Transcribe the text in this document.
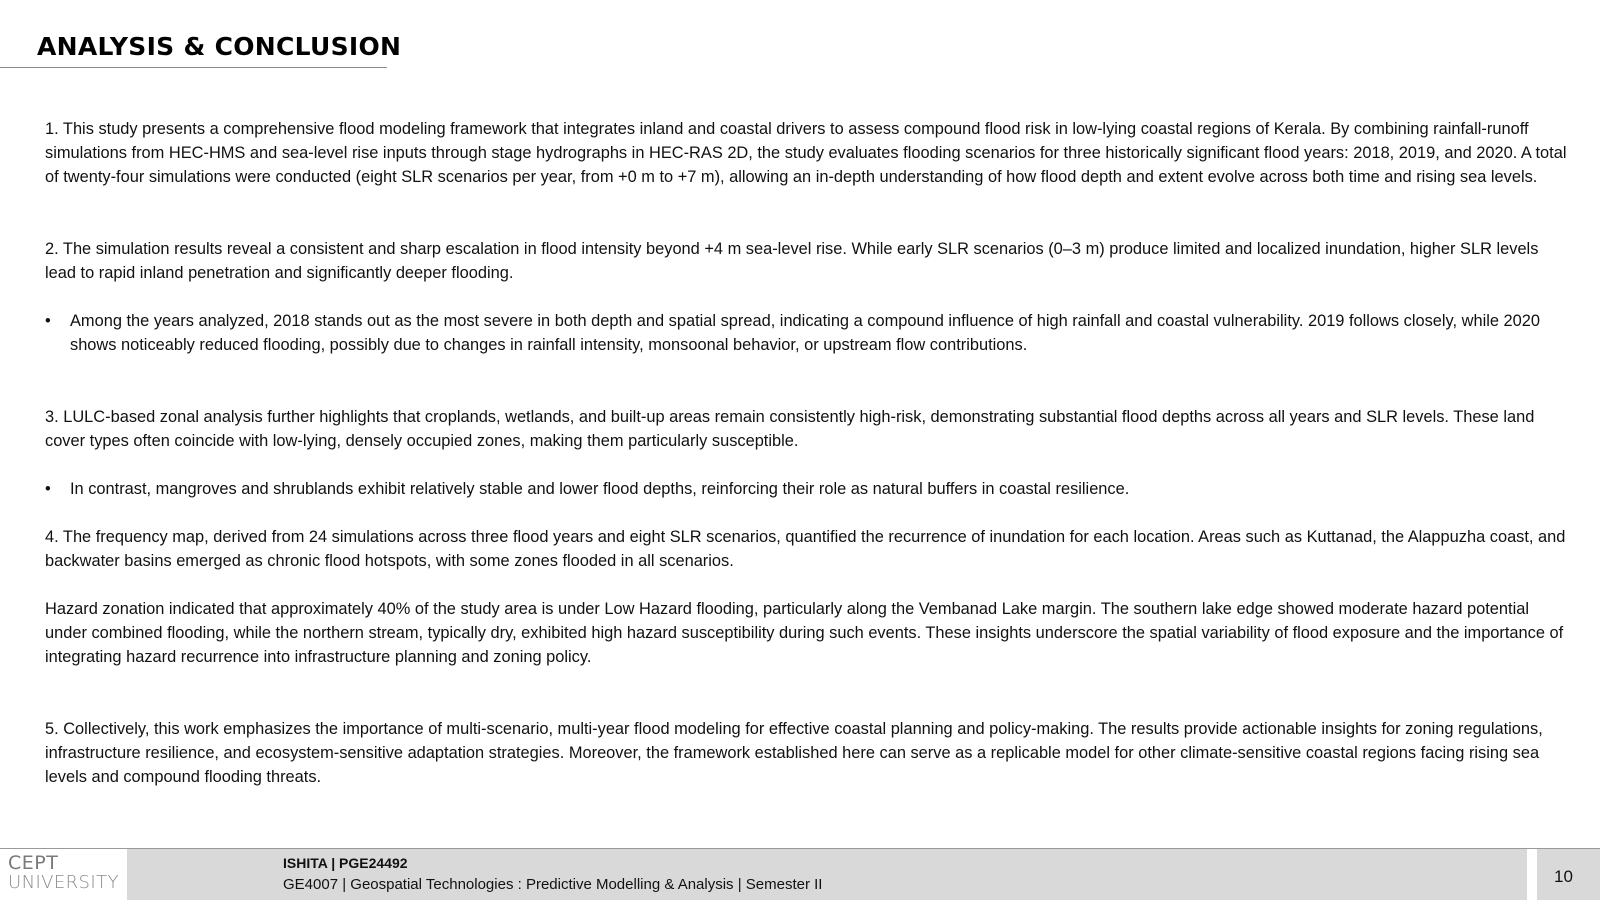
ANALYSIS & CONCLUSION

1. This study presents a comprehensive flood modeling framework that integrates inland and coastal drivers to assess compound flood risk in low-lying coastal regions of Kerala. By combining rainfall-runoff simulations from HEC-HMS and sea-level rise inputs through stage hydrographs in HEC-RAS 2D, the study evaluates flooding scenarios for three historically significant flood years: 2018, 2019, and 2020. A total of twenty-four simulations were conducted (eight SLR scenarios per year, from +0 m to +7 m), allowing an in-depth understanding of how flood depth and extent evolve across both time and rising sea levels.

2. The simulation results reveal a consistent and sharp escalation in flood intensity beyond +4 m sea-level rise. While early SLR scenarios (0–3 m) produce limited and localized inundation, higher SLR levels lead to rapid inland penetration and significantly deeper flooding.

• Among the years analyzed, 2018 stands out as the most severe in both depth and spatial spread, indicating a compound influence of high rainfall and coastal vulnerability. 2019 follows closely, while 2020 shows noticeably reduced flooding, possibly due to changes in rainfall intensity, monsoonal behavior, or upstream flow contributions.

3. LULC-based zonal analysis further highlights that croplands, wetlands, and built-up areas remain consistently high-risk, demonstrating substantial flood depths across all years and SLR levels. These land cover types often coincide with low-lying, densely occupied zones, making them particularly susceptible.

• In contrast, mangroves and shrublands exhibit relatively stable and lower flood depths, reinforcing their role as natural buffers in coastal resilience.

4. The frequency map, derived from 24 simulations across three flood years and eight SLR scenarios, quantified the recurrence of inundation for each location. Areas such as Kuttanad, the Alappuzha coast, and backwater basins emerged as chronic flood hotspots, with some zones flooded in all scenarios.

Hazard zonation indicated that approximately 40% of the study area is under Low Hazard flooding, particularly along the Vembanad Lake margin. The southern lake edge showed moderate hazard potential under combined flooding, while the northern stream, typically dry, exhibited high hazard susceptibility during such events. These insights underscore the spatial variability of flood exposure and the importance of integrating hazard recurrence into infrastructure planning and zoning policy.

5. Collectively, this work emphasizes the importance of multi-scenario, multi-year flood modeling for effective coastal planning and policy-making. The results provide actionable insights for zoning regulations, infrastructure resilience, and ecosystem-sensitive adaptation strategies. Moreover, the framework established here can serve as a replicable model for other climate-sensitive coastal regions facing rising sea levels and compound flooding threats.

CEPT
UNIVERSITY
ISHITA | PGE24492
GE4007 | Geospatial Technologies : Predictive Modelling & Analysis | Semester II	10
